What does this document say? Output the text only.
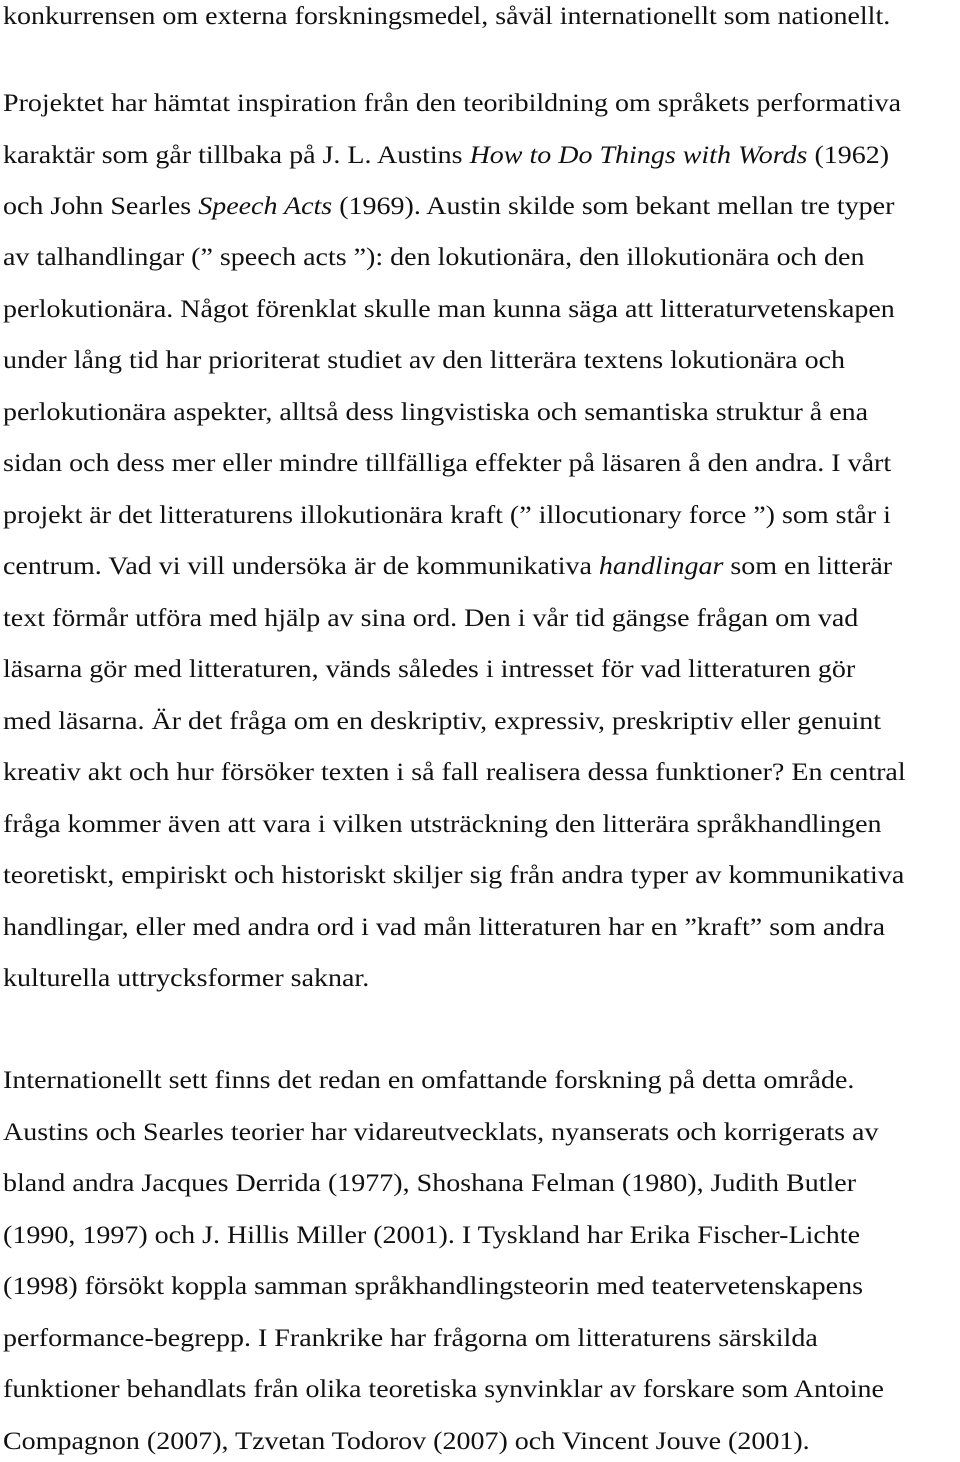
konkurrensen om externa forskningsmedel, såväl internationellt som nationellt.
Projektet har hämtat inspiration från den teoribildning om språkets performativa
karaktär som går tillbaka på J. L. Austins How to Do Things with Words (1962)
och John Searles Speech Acts (1969). Austin skilde som bekant mellan tre typer
av talhandlingar (” speech acts ”): den lokutionära, den illokutionära och den
perlokutionära. Något förenklat skulle man kunna säga att litteraturvetenskapen
under lång tid har prioriterat studiet av den litterära textens lokutionära och
perlokutionära aspekter, alltså dess lingvistiska och semantiska struktur å ena
sidan och dess mer eller mindre tillfälliga effekter på läsaren å den andra. I vårt
projekt är det litteraturens illokutionära kraft (” illocutionary force ”) som står i
centrum. Vad vi vill undersöka är de kommunikativa handlingar som en litterär
text förmår utföra med hjälp av sina ord. Den i vår tid gängse frågan om vad
läsarna gör med litteraturen, vänds således i intresset för vad litteraturen gör
med läsarna. Är det fråga om en deskriptiv, expressiv, preskriptiv eller genuint
kreativ akt och hur försöker texten i så fall realisera dessa funktioner? En central
fråga kommer även att vara i vilken utsträckning den litterära språkhandlingen
teoretiskt, empiriskt och historiskt skiljer sig från andra typer av kommunikativa
handlingar, eller med andra ord i vad mån litteraturen har en ”kraft” som andra
kulturella uttrycksformer saknar.
Internationellt sett finns det redan en omfattande forskning på detta område.
Austins och Searles teorier har vidareutvecklats, nyanserats och korrigerats av
bland andra Jacques Derrida (1977), Shoshana Felman (1980), Judith Butler
(1990, 1997) och J. Hillis Miller (2001). I Tyskland har Erika Fischer-Lichte
(1998) försökt koppla samman språkhandlingsteorin med teatervetenskapens
performance-begrepp. I Frankrike har frågorna om litteraturens särskilda
funktioner behandlats från olika teoretiska synvinklar av forskare som Antoine
Compagnon (2007), Tzvetan Todorov (2007) och Vincent Jouve (2001).
